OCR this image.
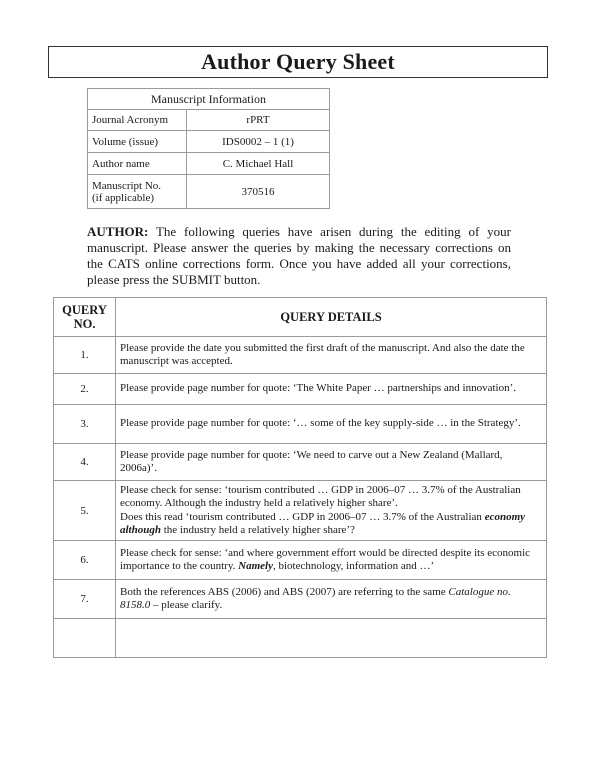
Author Query Sheet
Manuscript Information	
Journal Acronym	rPRT
Volume (issue)	IDS0002 – 1 (1)
Author name	C. Michael Hall
Manuscript No.
(if applicable)	370516

AUTHOR: The following queries have arisen during the editing of your manuscript. Please answer the queries by making the necessary corrections on the CATS online corrections form. Once you have added all your corrections, please press the SUBMIT button.

QUERY
NO.	QUERY DETAILS
1.	Please provide the date you submitted the first draft of the manuscript. And also the date the manuscript was accepted.
2.	Please provide page number for quote: ‘The White Paper … partnerships and innovation’.
3.	Please provide page number for quote: ‘… some of the key supply-side … in the Strategy’.
4.	Please provide page number for quote: ‘We need to carve out a New Zealand (Mallard, 2006a)’.
5.	Please check for sense: ‘tourism contributed … GDP in 2006–07 … 3.7% of the Australian economy. Although the industry held a relatively higher share’.
Does this read ‘tourism contributed … GDP in 2006–07 … 3.7% of the Australian economy although the industry held a relatively higher share’?
6.	Please check for sense: ‘and where government effort would be directed despite its economic importance to the country. Namely, biotechnology, information and …’
7.	Both the references ABS (2006) and ABS (2007) are referring to the same Catalogue no. 8158.0 – please clarify.
